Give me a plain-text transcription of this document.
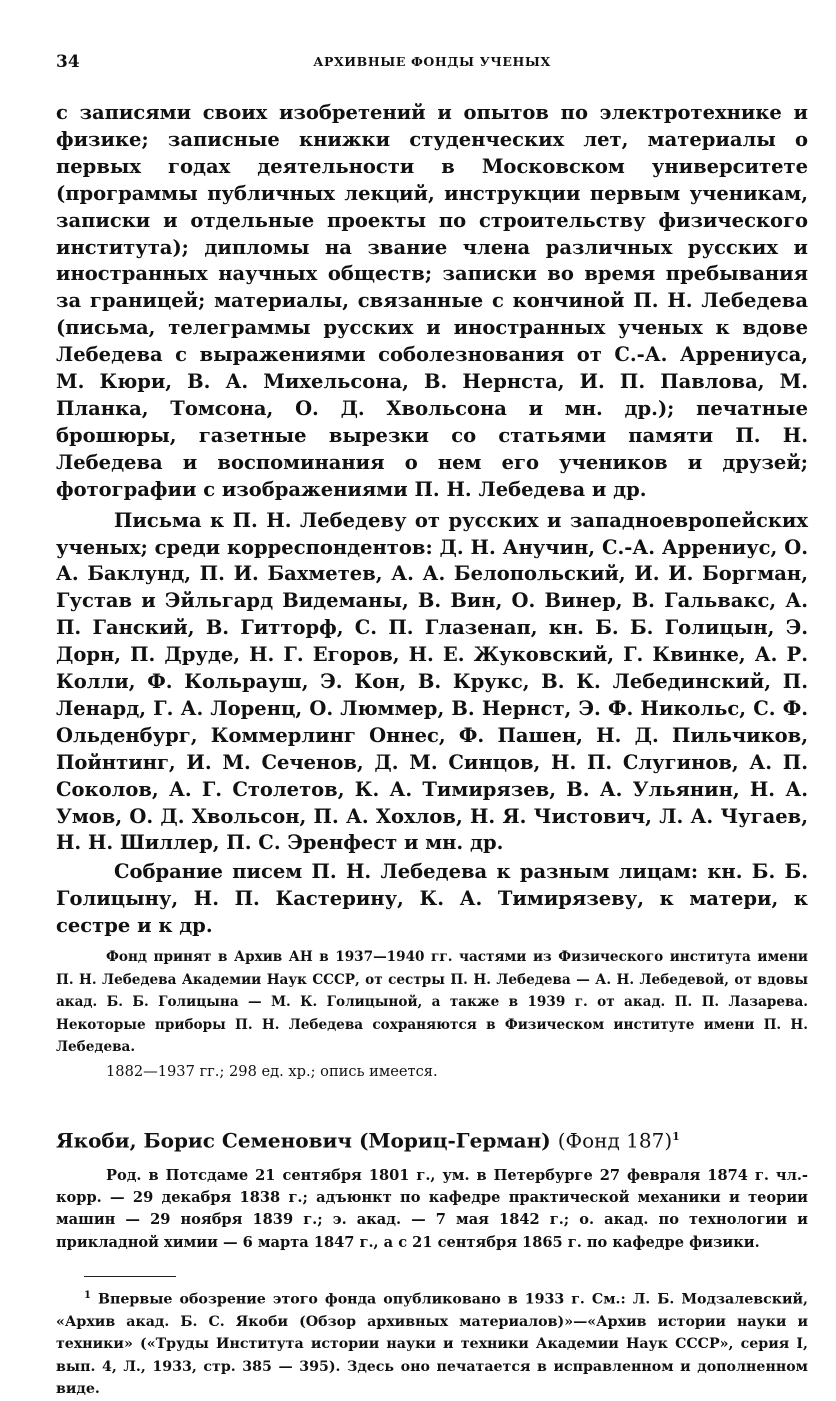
34	АРХИВНЫЕ ФОНДЫ УЧЕНЫХ

с записями своих изобретений и опытов по электротехнике и физике; записные книжки студенческих лет, материалы о первых годах деятельности в Московском университете (программы публичных лекций, инструкции первым ученикам, записки и отдельные проекты по строительству физического института); дипломы на звание члена различных русских и иностранных научных обществ; записки во время пребывания за границей; материалы, связанные с кончиной П. Н. Лебедева (письма, телеграммы русских и иностранных ученых к вдове Лебедева с выражениями соболезнования от С.-А. Аррениуса, М. Кюри, В. А. Михельсона, В. Нернста, И. П. Павлова, М. Планка, Томсона, О. Д. Хвольсона и мн. др.); печатные брошюры, газетные вырезки со статьями памяти П. Н. Лебедева и воспоминания о нем его учеников и друзей; фотографии с изображениями П. Н. Лебедева и др.

Письма к П. Н. Лебедеву от русских и западноевропейских ученых; среди корреспондентов: Д. Н. Анучин, С.-А. Аррениус, О. А. Баклунд, П. И. Бахметев, А. А. Белопольский, И. И. Боргман, Густав и Эйльгард Видеманы, В. Вин, О. Винер, В. Гальвакс, А. П. Ганский, В. Гитторф, С. П. Глазенап, кн. Б. Б. Голицын, Э. Дорн, П. Друде, Н. Г. Егоров, Н. Е. Жуковский, Г. Квинке, А. Р. Колли, Ф. Кольрауш, Э. Кон, В. Крукс, В. К. Лебединский, П. Ленард, Г. А. Лоренц, О. Люммер, В. Нернст, Э. Ф. Никольс, С. Ф. Ольденбург, Коммерлинг Оннес, Ф. Пашен, Н. Д. Пильчиков, Пойнтинг, И. М. Сеченов, Д. М. Синцов, Н. П. Слугинов, А. П. Соколов, А. Г. Столетов, К. А. Тимирязев, В. А. Ульянин, Н. А. Умов, О. Д. Хвольсон, П. А. Хохлов, Н. Я. Чистович, Л. А. Чугаев, Н. Н. Шиллер, П. С. Эренфест и мн. др.

Собрание писем П. Н. Лебедева к разным лицам: кн. Б. Б. Голицыну, Н. П. Кастерину, К. А. Тимирязеву, к матери, к сестре и к др.

Фонд принят в Архив АН в 1937—1940 гг. частями из Физического института имени П. Н. Лебедева Академии Наук СССР, от сестры П. Н. Лебедева — А. Н. Лебедевой, от вдовы акад. Б. Б. Голицына — М. К. Голицыной, а также в 1939 г. от акад. П. П. Лазарева. Некоторые приборы П. Н. Лебедева сохраняются в Физическом институте имени П. Н. Лебедева.

1882—1937 гг.; 298 ед. хр.; опись имеется.

Якоби, Борис Семенович (Мориц-Герман) (Фонд 187)$^1$

Род. в Потсдаме 21 сентября 1801 г., ум. в Петербурге 27 февраля 1874 г. чл.-корр. — 29 декабря 1838 г.; адъюнкт по кафедре практической механики и теории машин — 29 ноября 1839 г.; э. акад. — 7 мая 1842 г.; о. акад. по технологии и прикладной химии — 6 марта 1847 г., а с 21 сентября 1865 г. по кафедре физики.

$^1$ Впервые обозрение этого фонда опубликовано в 1933 г. См.: Л. Б. Модзалевский, «Архив акад. Б. С. Якоби (Обзор архивных материалов)»—«Архив истории науки и техники» («Труды Института истории науки и техники Академии Наук СССР», серия I, вып. 4, Л., 1933, стр. 385 — 395). Здесь оно печатается в исправленном и дополненном виде.
